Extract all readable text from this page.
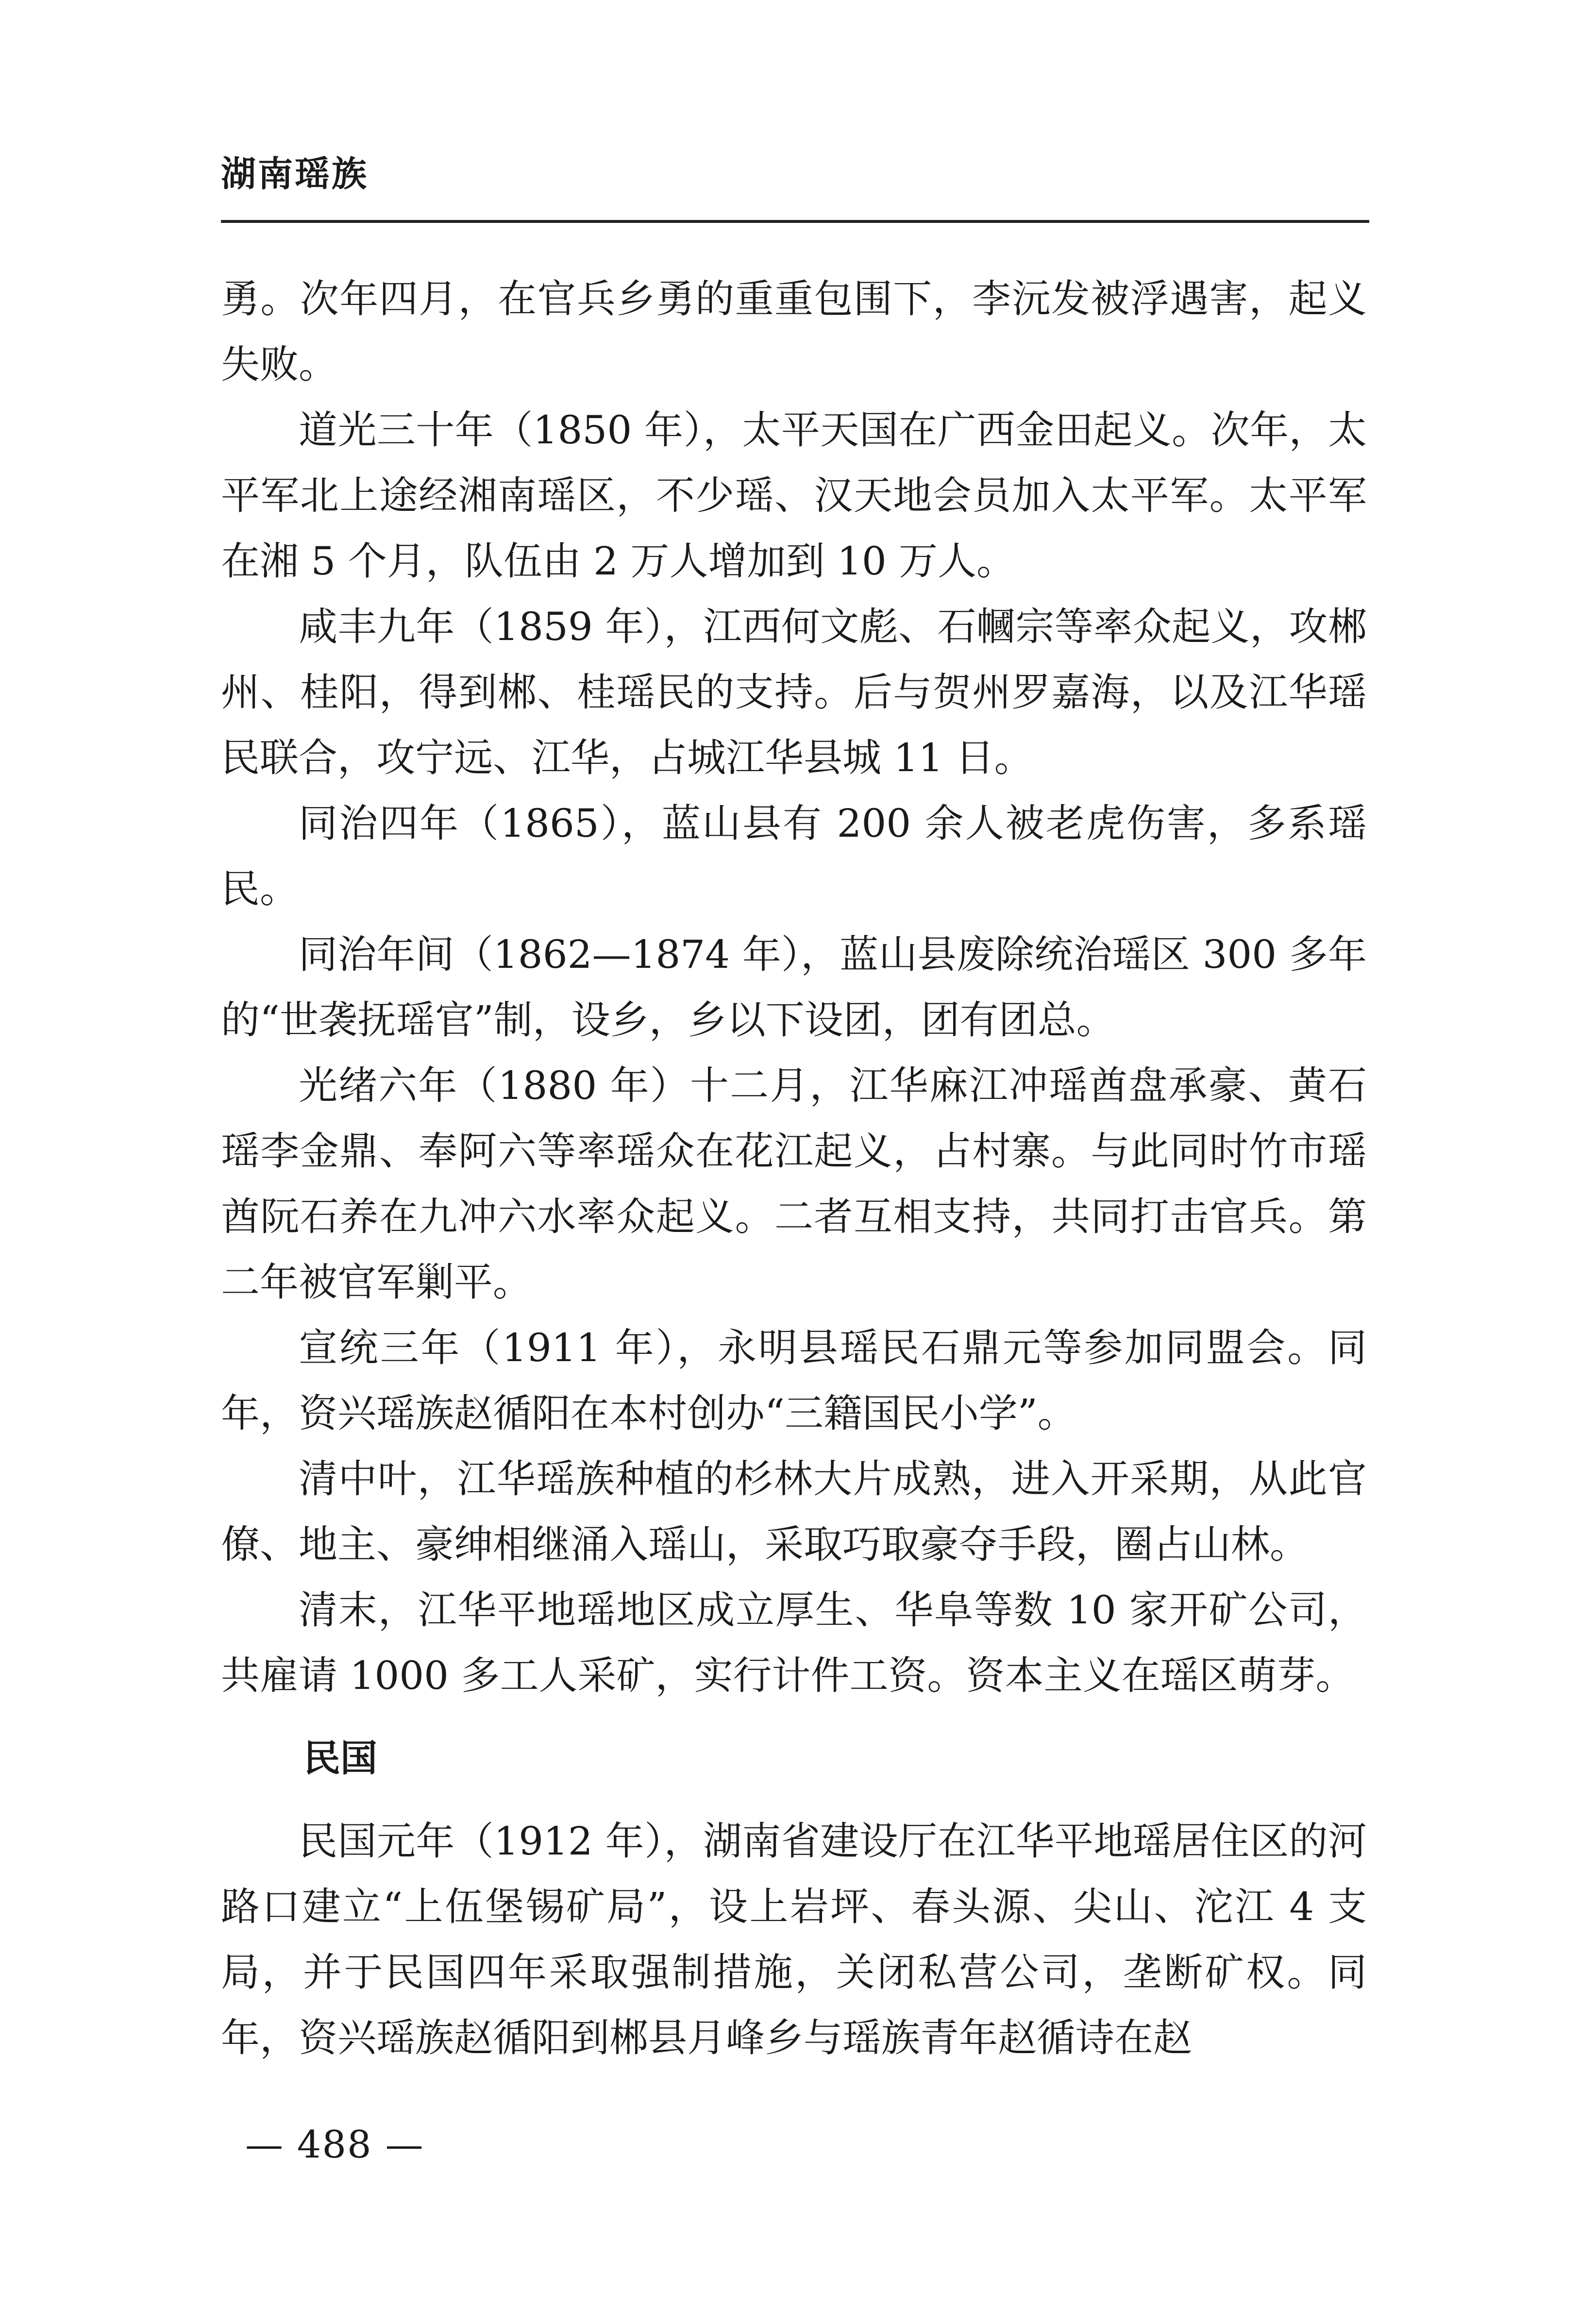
湖南瑶族

勇。次年四月，在官兵乡勇的重重包围下，李沅发被浮遇害，起义失败。

道光三十年（1850 年），太平天国在广西金田起义。次年，太平军北上途经湘南瑶区，不少瑶、汉天地会员加入太平军。太平军在湘 5 个月，队伍由 2 万人增加到 10 万人。

咸丰九年（1859 年），江西何文彪、石幗宗等率众起义，攻郴州、桂阳，得到郴、桂瑶民的支持。后与贺州罗嘉海，以及江华瑶民联合，攻宁远、江华，占城江华县城 11 日。

同治四年（1865），蓝山县有 200 余人被老虎伤害，多系瑶民。

同治年间（1862—1874 年），蓝山县废除统治瑶区 300 多年的“世袭抚瑶官”制，设乡，乡以下设团，团有团总。

光绪六年（1880 年）十二月，江华麻江冲瑶酋盘承豪、黄石瑶李金鼎、奉阿六等率瑶众在花江起义，占村寨。与此同时竹市瑶酋阮石养在九冲六水率众起义。二者互相支持，共同打击官兵。第二年被官军剿平。

宣统三年（1911 年），永明县瑶民石鼎元等参加同盟会。同年，资兴瑶族赵循阳在本村创办“三籍国民小学”。

清中叶，江华瑶族种植的杉林大片成熟，进入开采期，从此官僚、地主、豪绅相继涌入瑶山，采取巧取豪夺手段，圈占山林。

清末，江华平地瑶地区成立厚生、华阜等数 10 家开矿公司，共雇请 1000 多工人采矿，实行计件工资。资本主义在瑶区萌芽。

民国

民国元年（1912 年），湖南省建设厅在江华平地瑶居住区的河路口建立“上伍堡锡矿局”，设上岩坪、春头源、尖山、沱江 4 支局，并于民国四年采取强制措施，关闭私营公司，垄断矿权。同年，资兴瑶族赵循阳到郴县月峰乡与瑶族青年赵循诗在赵

— 488 —
